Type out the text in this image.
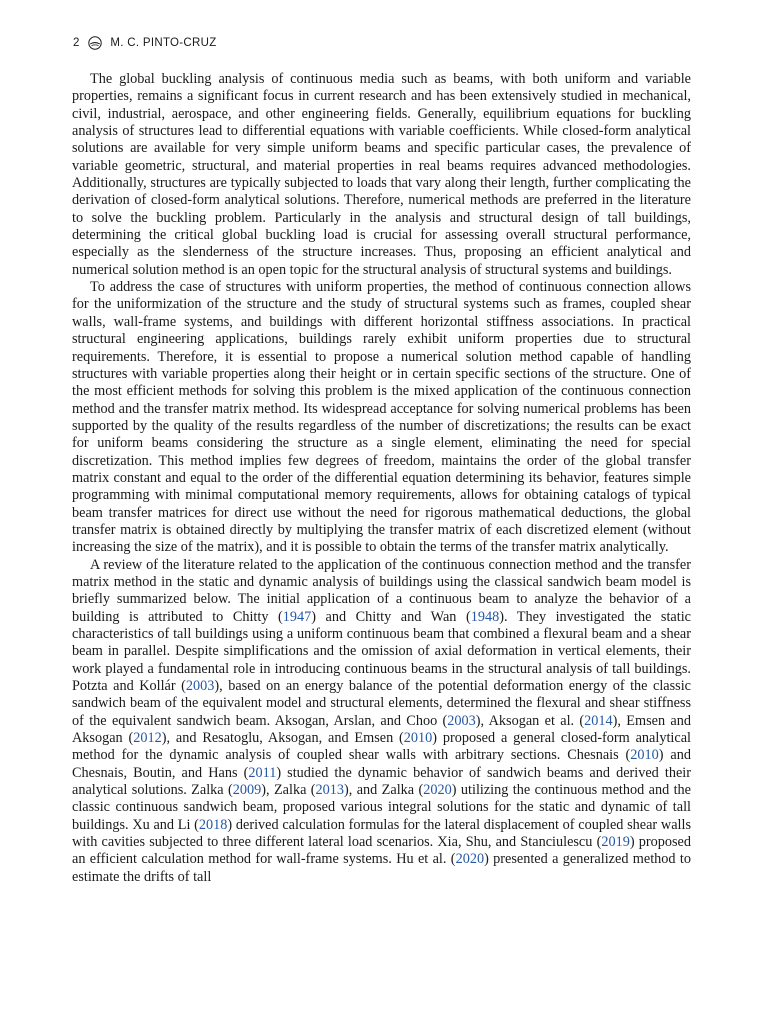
2	M. C. PINTO-CRUZ

The global buckling analysis of continuous media such as beams, with both uniform and variable properties, remains a significant focus in current research and has been extensively studied in mechanical, civil, industrial, aerospace, and other engineering fields. Generally, equilibrium equations for buckling analysis of structures lead to differential equations with variable coefficients. While closed-form analytical solutions are available for very simple uniform beams and specific particular cases, the prevalence of variable geometric, structural, and material properties in real beams requires advanced methodologies. Additionally, structures are typically subjected to loads that vary along their length, further complicating the derivation of closed-form analytical solutions. Therefore, numerical methods are preferred in the literature to solve the buckling problem. Particularly in the analysis and structural design of tall buildings, determining the critical global buckling load is crucial for assessing overall structural performance, especially as the slenderness of the structure increases. Thus, proposing an efficient analytical and numerical solution method is an open topic for the structural analysis of structural systems and buildings.

To address the case of structures with uniform properties, the method of continuous connection allows for the uniformization of the structure and the study of structural systems such as frames, coupled shear walls, wall-frame systems, and buildings with different horizontal stiffness associations. In practical structural engineering applications, buildings rarely exhibit uniform properties due to structural requirements. Therefore, it is essential to propose a numerical solution method capable of handling structures with variable properties along their height or in certain specific sections of the structure. One of the most efficient methods for solving this problem is the mixed application of the continuous connection method and the transfer matrix method. Its widespread acceptance for solving numerical problems has been supported by the quality of the results regardless of the number of discretizations; the results can be exact for uniform beams considering the structure as a single element, eliminating the need for special discretization. This method implies few degrees of freedom, maintains the order of the global transfer matrix constant and equal to the order of the differential equation determining its behavior, features simple programming with minimal computational memory requirements, allows for obtaining catalogs of typical beam transfer matrices for direct use without the need for rigorous mathematical deductions, the global transfer matrix is obtained directly by multiplying the transfer matrix of each discretized element (without increasing the size of the matrix), and it is possible to obtain the terms of the transfer matrix analytically.

A review of the literature related to the application of the continuous connection method and the transfer matrix method in the static and dynamic analysis of buildings using the classical sandwich beam model is briefly summarized below. The initial application of a continuous beam to analyze the behavior of a building is attributed to Chitty (1947) and Chitty and Wan (1948). They investigated the static characteristics of tall buildings using a uniform continuous beam that combined a flexural beam and a shear beam in parallel. Despite simplifications and the omission of axial deformation in vertical elements, their work played a fundamental role in introducing continuous beams in the structural analysis of tall buildings. Potzta and Kollár (2003), based on an energy balance of the potential deformation energy of the classic sandwich beam of the equivalent model and structural elements, determined the flexural and shear stiffness of the equivalent sandwich beam. Aksogan, Arslan, and Choo (2003), Aksogan et al. (2014), Emsen and Aksogan (2012), and Resatoglu, Aksogan, and Emsen (2010) proposed a general closed-form analytical method for the dynamic analysis of coupled shear walls with arbitrary sections. Chesnais (2010) and Chesnais, Boutin, and Hans (2011) studied the dynamic behavior of sandwich beams and derived their analytical solutions. Zalka (2009), Zalka (2013), and Zalka (2020) utilizing the continuous method and the classic continuous sandwich beam, proposed various integral solutions for the static and dynamic of tall buildings. Xu and Li (2018) derived calculation formulas for the lateral displacement of coupled shear walls with cavities subjected to three different lateral load scenarios. Xia, Shu, and Stanciulescu (2019) proposed an efficient calculation method for wall-frame systems. Hu et al. (2020) presented a generalized method to estimate the drifts of tall
